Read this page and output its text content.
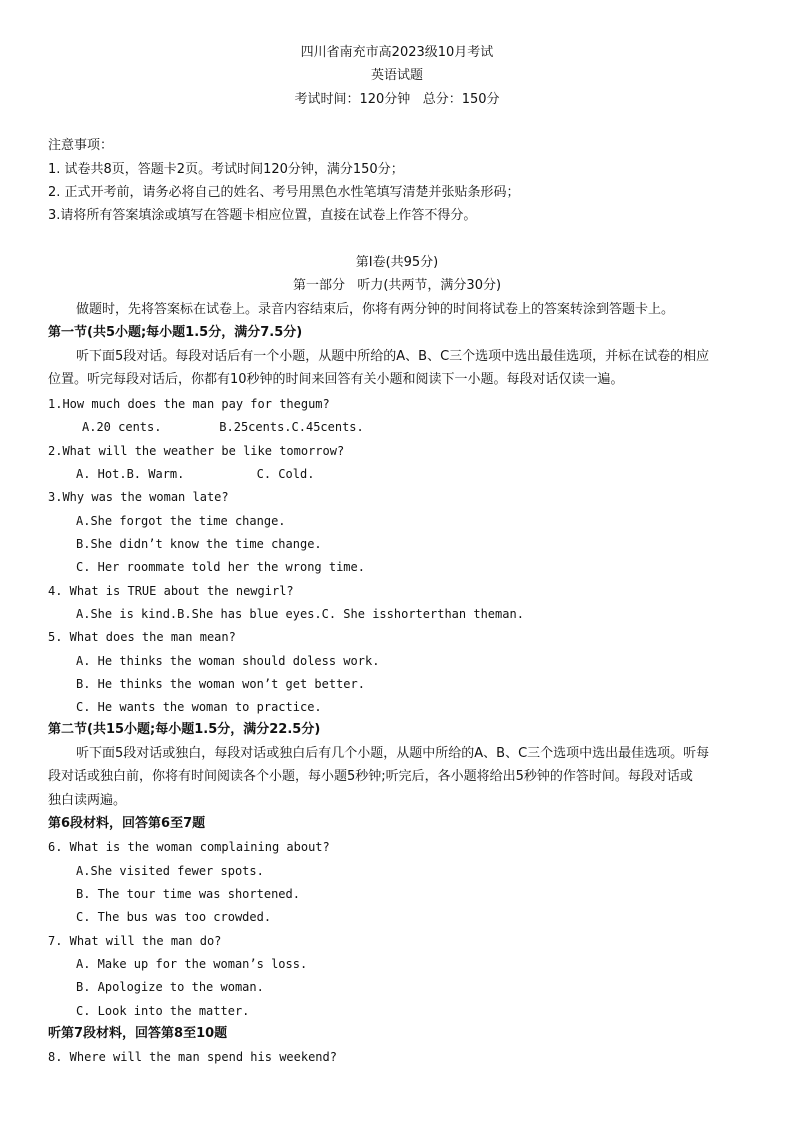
四川省南充市高2023级10月考试
英语试题
考试时间：120分钟   总分：150分
注意事项：
1. 试卷共8页，答题卡2页。考试时间120分钟，满分150分；
2. 正式开考前，请务必将自己的姓名、考号用黑色水性笔填写清楚并张贴条形码；
3.请将所有答案填涂或填写在答题卡相应位置，直接在试卷上作答不得分。
第Ⅰ卷(共95分)
第一部分   听力(共两节，满分30分)
做题时，先将答案标在试卷上。录音内容结束后，你将有两分钟的时间将试卷上的答案转涂到答题卡上。
第一节(共5小题;每小题1.5分，满分7.5分)
听下面5段对话。每段对话后有一个小题，从题中所给的A、B、C三个选项中选出最佳选项，并标在试卷的相应
位置。听完每段对话后，你都有10秒钟的时间来回答有关小题和阅读下一小题。每段对话仅读一遍。
1.How much does the man pay for thegum?
A.20 cents.        B.25cents.C.45cents.
2.What will the weather be like tomorrow?
A. Hot.B. Warm.          C. Cold.
3.Why was the woman late?
A.She forgot the time change.
B.She didn’t know the time change.
C. Her roommate told her the wrong time.
4. What is TRUE about the newgirl?
A.She is kind.B.She has blue eyes.C. She isshorterthan theman.
5. What does the man mean?
A. He thinks the woman should doless work.
B. He thinks the woman won’t get better.
C. He wants the woman to practice.
第二节(共15小题;每小题1.5分，满分22.5分)
听下面5段对话或独白，每段对话或独白后有几个小题，从题中所给的A、B、C三个选项中选出最佳选项。听每
段对话或独白前，你将有时间阅读各个小题，每小题5秒钟;听完后，各小题将给出5秒钟的作答时间。每段对话或
独白读两遍。
第6段材料，回答第6至7题
6. What is the woman complaining about?
A.She visited fewer spots.
B. The tour time was shortened.
C. The bus was too crowded.
7. What will the man do?
A. Make up for the woman’s loss.
B. Apologize to the woman.
C. Look into the matter.
听第7段材料，回答第8至10题
8. Where will the man spend his weekend?
